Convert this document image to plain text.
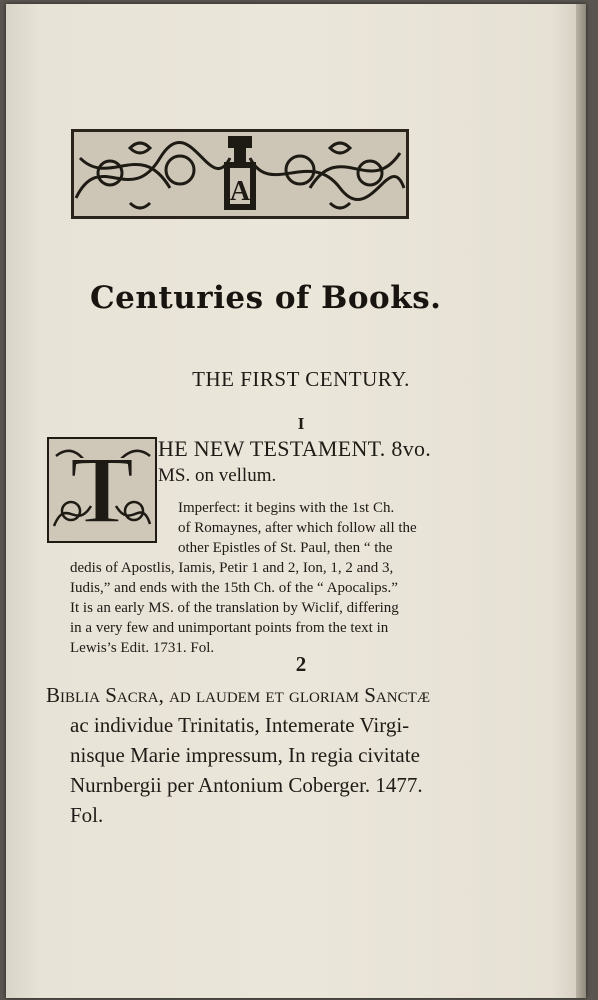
A
Centuries of Books.
THE FIRST CENTURY.
I
T HE NEW TESTAMENT. 8vo.
MS. on vellum.
Imperfect: it begins with the 1st Ch.
of Romaynes, after which follow all the
other Epistles of St. Paul, then “ the
dedis of Apostlis, Iamis, Petir 1 and 2, Ion, 1, 2 and 3,
Iudis,” and ends with the 15th Ch. of the “ Apocalips.”
It is an early MS. of the translation by Wiclif, differing
in a very few and unimportant points from the text in
Lewis’s Edit. 1731. Fol.
2
Biblia Sacra, ad laudem et gloriam Sanctæ
ac individue Trinitatis, Intemerate Virgi-
nisque Marie impressum, In regia civitate
Nurnbergii per Antonium Coberger. 1477.
Fol.
